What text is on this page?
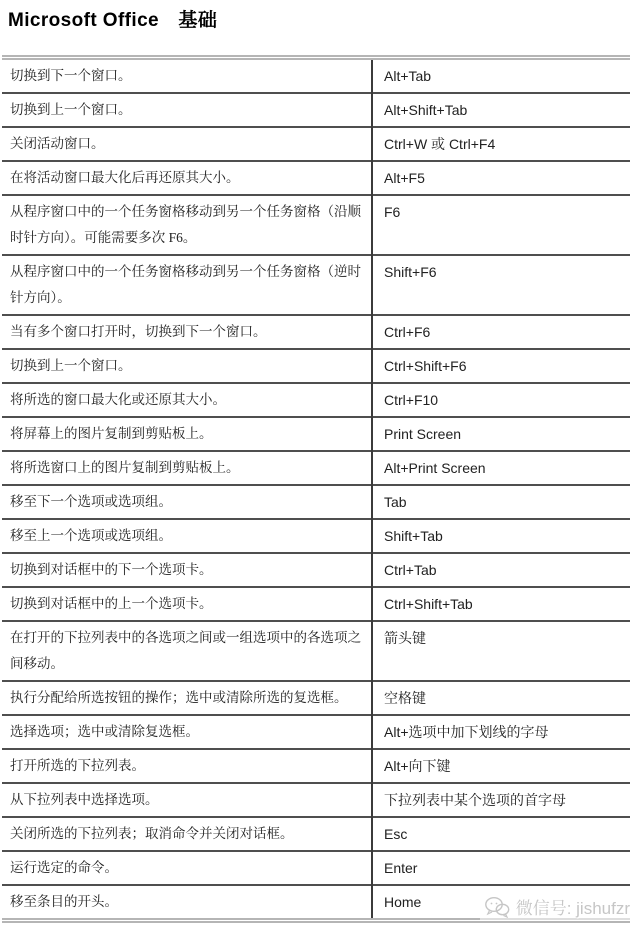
Microsoft Office　基础
切换到下一个窗口。	Alt+Tab
切换到上一个窗口。	Alt+Shift+Tab
关闭活动窗口。	Ctrl+W 或 Ctrl+F4
在将活动窗口最大化后再还原其大小。	Alt+F5
从程序窗口中的一个任务窗格移动到另一个任务窗格（沿顺时针方向）。可能需要多次 F6。	F6
从程序窗口中的一个任务窗格移动到另一个任务窗格（逆时针方向）。	Shift+F6
当有多个窗口打开时，切换到下一个窗口。	Ctrl+F6
切换到上一个窗口。	Ctrl+Shift+F6
将所选的窗口最大化或还原其大小。	Ctrl+F10
将屏幕上的图片复制到剪贴板上。	Print Screen
将所选窗口上的图片复制到剪贴板上。	Alt+Print Screen
移至下一个选项或选项组。	Tab
移至上一个选项或选项组。	Shift+Tab
切换到对话框中的下一个选项卡。	Ctrl+Tab
切换到对话框中的上一个选项卡。	Ctrl+Shift+Tab
在打开的下拉列表中的各选项之间或一组选项中的各选项之间移动。	箭头键
执行分配给所选按钮的操作；选中或清除所选的复选框。	空格键
选择选项；选中或清除复选框。	Alt+选项中加下划线的字母
打开所选的下拉列表。	Alt+向下键
从下拉列表中选择选项。	下拉列表中某个选项的首字母
关闭所选的下拉列表；取消命令并关闭对话框。	Esc
运行选定的命令。	Enter
移至条目的开头。	Home	微信号: jishufzr
